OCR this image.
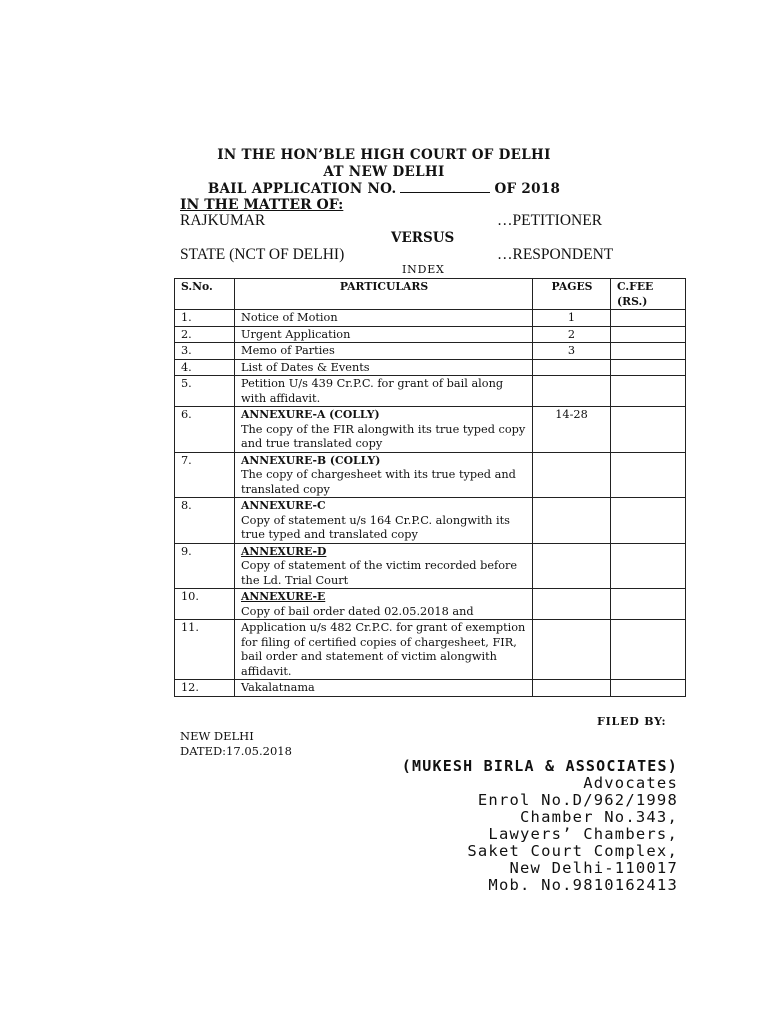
IN THE HON’BLE HIGH COURT OF DELHI
AT NEW DELHI
BAIL APPLICATION NO.	OF 2018
IN THE MATTER OF:
RAJKUMAR	…PETITIONER
VERSUS
STATE (NCT OF DELHI)	…RESPONDENT
INDEX
S.No.	PARTICULARS	PAGES	C.FEE (RS.)
1.	Notice of Motion	1	
2.	Urgent Application	2	
3.	Memo of Parties	3	
4.	List of Dates & Events		

5.	Petition U/s 439 Cr.P.C. for grant of bail along with affidavit.		

6.	ANNEXURE-A (COLLY)
The copy of the FIR alongwith its true typed copy and true translated copy	14-28	
7.	ANNEXURE-B (COLLY)
The copy of chargesheet with its true typed and translated copy		

8.	ANNEXURE-C
Copy of statement u/s 164 Cr.P.C. alongwith its true typed and translated copy		

9.	ANNEXURE-D
Copy of statement of the victim recorded before the Ld. Trial Court		

10.	ANNEXURE-E
Copy of bail order dated 02.05.2018 and		

11.	Application u/s 482 Cr.P.C. for grant of exemption for filing of certified copies of chargesheet, FIR, bail order and statement of victim alongwith affidavit.		

12.	Vakalatnama		

FILED BY:
NEW DELHI
DATED:17.05.2018
(MUKESH BIRLA & ASSOCIATES)
Advocates
Enrol No.D/962/1998
Chamber No.343,
Lawyers’ Chambers,
Saket Court Complex,
New Delhi-110017
Mob. No.9810162413
